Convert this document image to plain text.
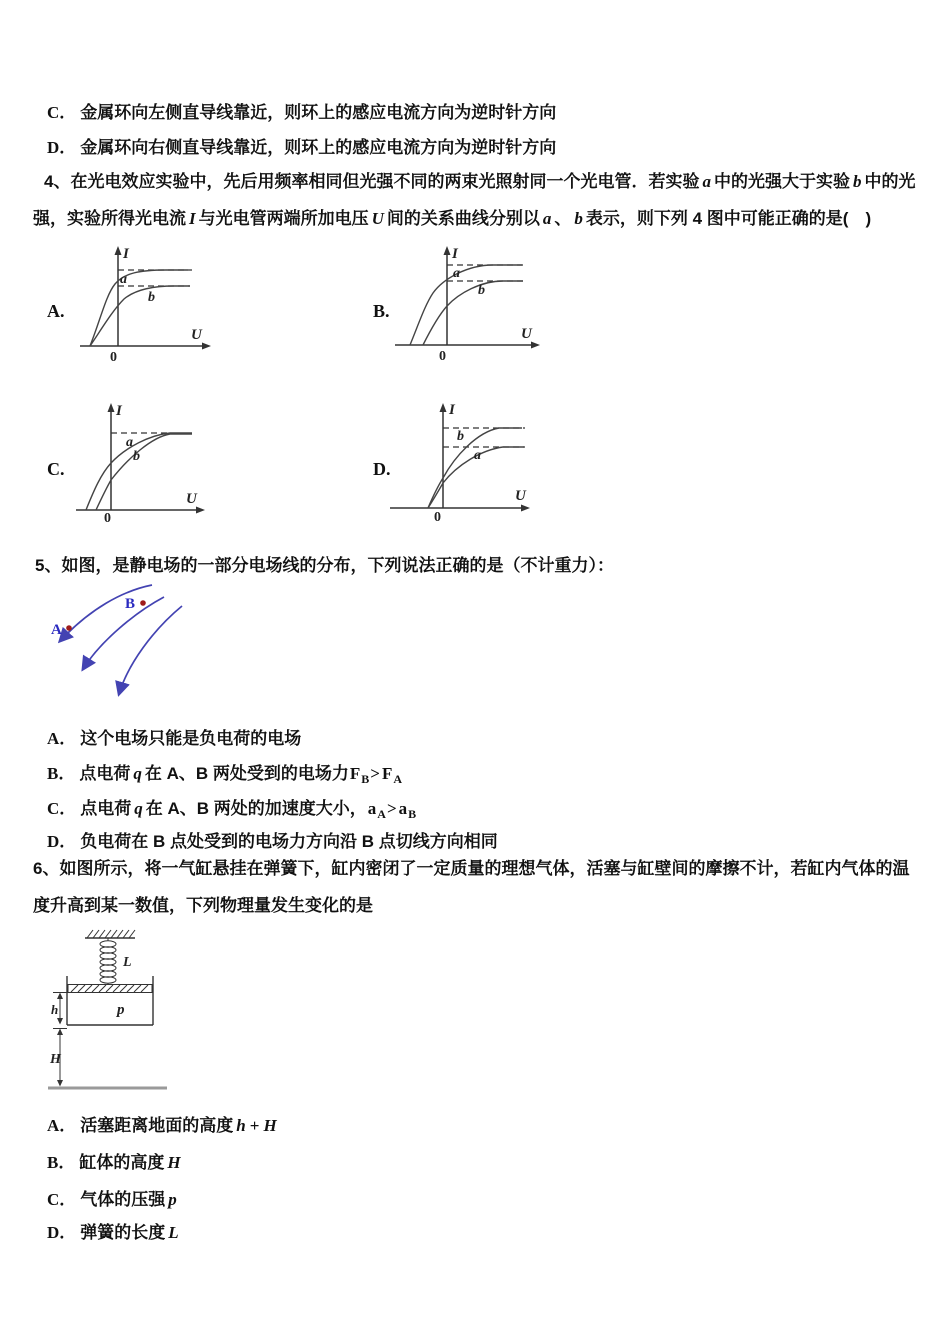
C． 金属环向左侧直导线靠近，则环上的感应电流方向为逆时针方向
D． 金属环向右侧直导线靠近，则环上的感应电流方向为逆时针方向
4、在光电效应实验中，先后用频率相同但光强不同的两束光照射同一个光电管．若实验 a 中的光强大于实验 b 中的光
强，实验所得光电流 I 与光电管两端所加电压 U 间的关系曲线分别以 a 、 b 表示，则下列 4 图中可能正确的是(　)
A.
I
U
0
a
b
B.
I
U
0
a
b
C.
I
U
0
a
b
D.
I
U
0
b
a
5、如图，是静电场的一部分电场线的分布，下列说法正确的是（不计重力）：
A
B
A． 这个电场只能是负电荷的电场
B． 点电荷 q 在 A、B 两处受到的电场力$F_B> F_A$
C． 点电荷 q 在 A、B 两处的加速度大小，$a_A> a_B$
D． 负电荷在 B 点处受到的电场力方向沿 B 点切线方向相同
6、如图所示，将一气缸悬挂在弹簧下，缸内密闭了一定质量的理想气体，活塞与缸壁间的摩擦不计，若缸内气体的温
度升高到某一数值，下列物理量发生变化的是
L
p
h
H
A． 活塞距离地面的高度 h + H
B． 缸体的高度 H
C． 气体的压强 p
D． 弹簧的长度 L
